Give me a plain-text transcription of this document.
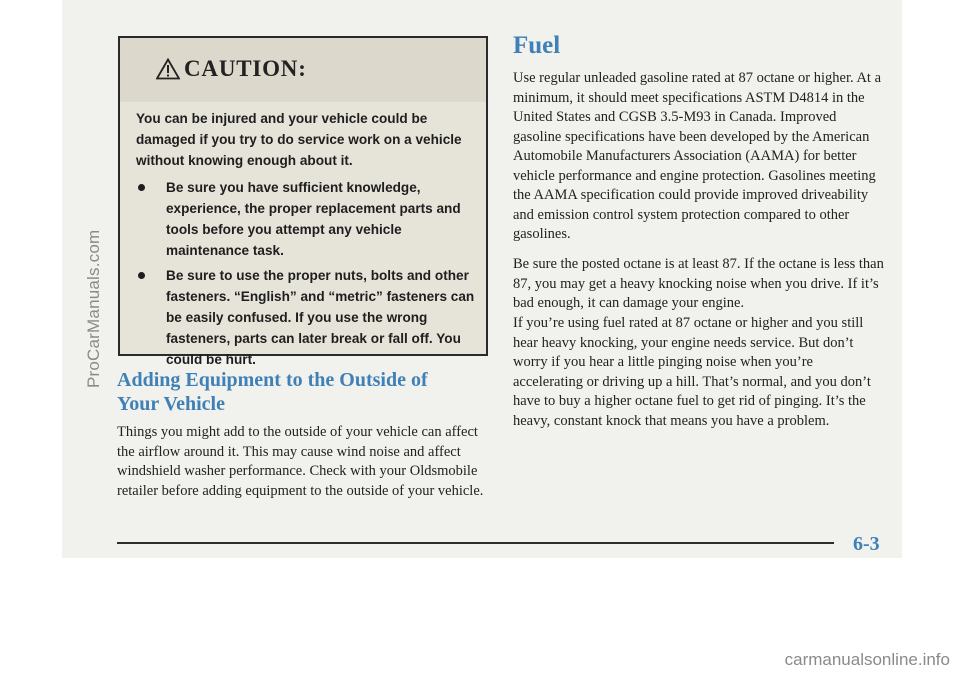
ProCarManuals.com
CAUTION:

You can be injured and your vehicle could be damaged if you try to do service work on a vehicle without knowing enough about it.

Be sure you have sufficient knowledge, experience, the proper replacement parts and tools before you attempt any vehicle maintenance task.
Be sure to use the proper nuts, bolts and other fasteners. “English” and “metric” fasteners can be easily confused. If you use the wrong fasteners, parts can later break or fall off. You could be hurt.
Adding Equipment to the Outside of Your Vehicle

Things you might add to the outside of your vehicle can affect the airflow around it. This may cause wind noise and affect windshield washer performance. Check with your Oldsmobile retailer before adding equipment to the outside of your vehicle.

Fuel

Use regular unleaded gasoline rated at 87 octane or higher. At a minimum, it should meet specifications ASTM D4814 in the United States and CGSB 3.5-M93 in Canada. Improved gasoline specifications have been developed by the American Automobile Manufacturers Association (AAMA) for better vehicle performance and engine protection. Gasolines meeting the AAMA specification could provide improved driveability and emission control system protection compared to other gasolines.

Be sure the posted octane is at least 87. If the octane is less than 87, you may get a heavy knocking noise when you drive. If it’s bad enough, it can damage your engine.

If you’re using fuel rated at 87 octane or higher and you still hear heavy knocking, your engine needs service. But don’t worry if you hear a little pinging noise when you’re accelerating or driving up a hill. That’s normal, and you don’t have to buy a higher octane fuel to get rid of pinging. It’s the heavy, constant knock that means you have a problem.

6-3
carmanualsonline.info
